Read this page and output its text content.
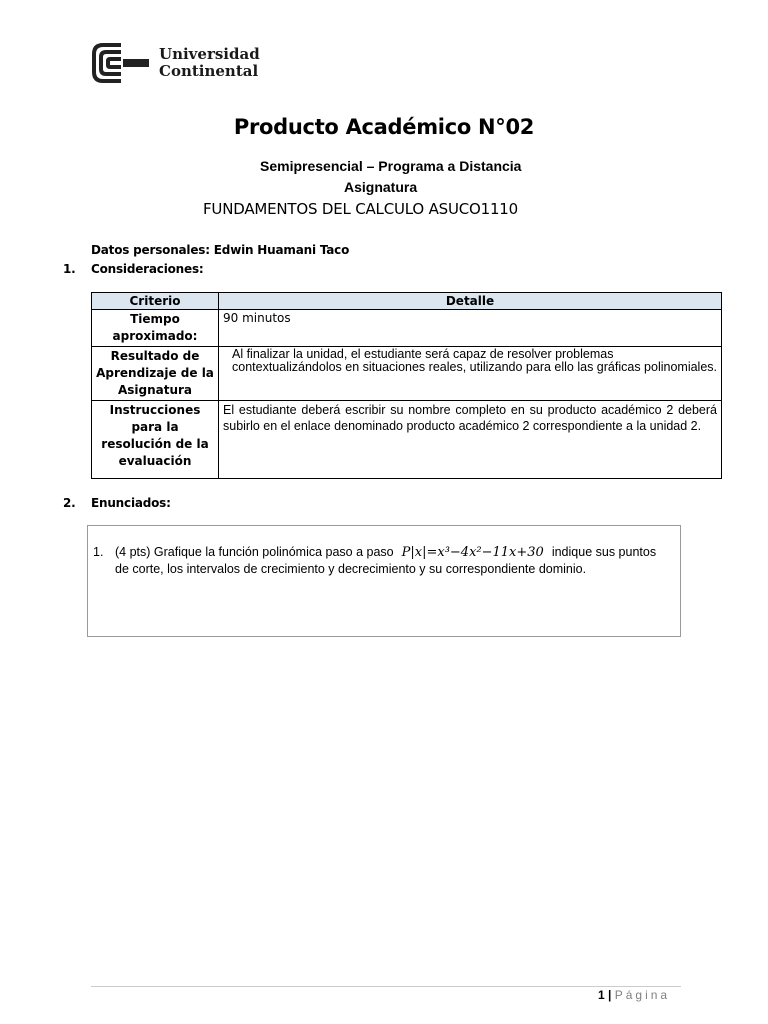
Universidad
Continental
Producto Académico N°02
Semipresencial – Programa a Distancia
Asignatura
FUNDAMENTOS DEL CALCULO ASUCO1110
Datos personales: Edwin Huamani Taco
1. Consideraciones:
Criterio	Detalle
Tiempo aproximado:	90 minutos
Resultado de Aprendizaje de la Asignatura	Al finalizar la unidad, el estudiante será capaz de resolver problemas contextualizándolos en situaciones reales, utilizando para ello las gráficas polinomiales.
Instrucciones para la resolución de la evaluación	El estudiante deberá escribir su nombre completo en su producto académico 2 deberá subirlo en el enlace denominado producto académico 2 correspondiente a la unidad 2.
2. Enunciados:
1. (4 pts) Grafique la función polinómica paso a paso P|x|=x³−4x²−11x+30 indique sus puntos de corte, los intervalos de crecimiento y decrecimiento y su correspondiente dominio.
1 | Página
